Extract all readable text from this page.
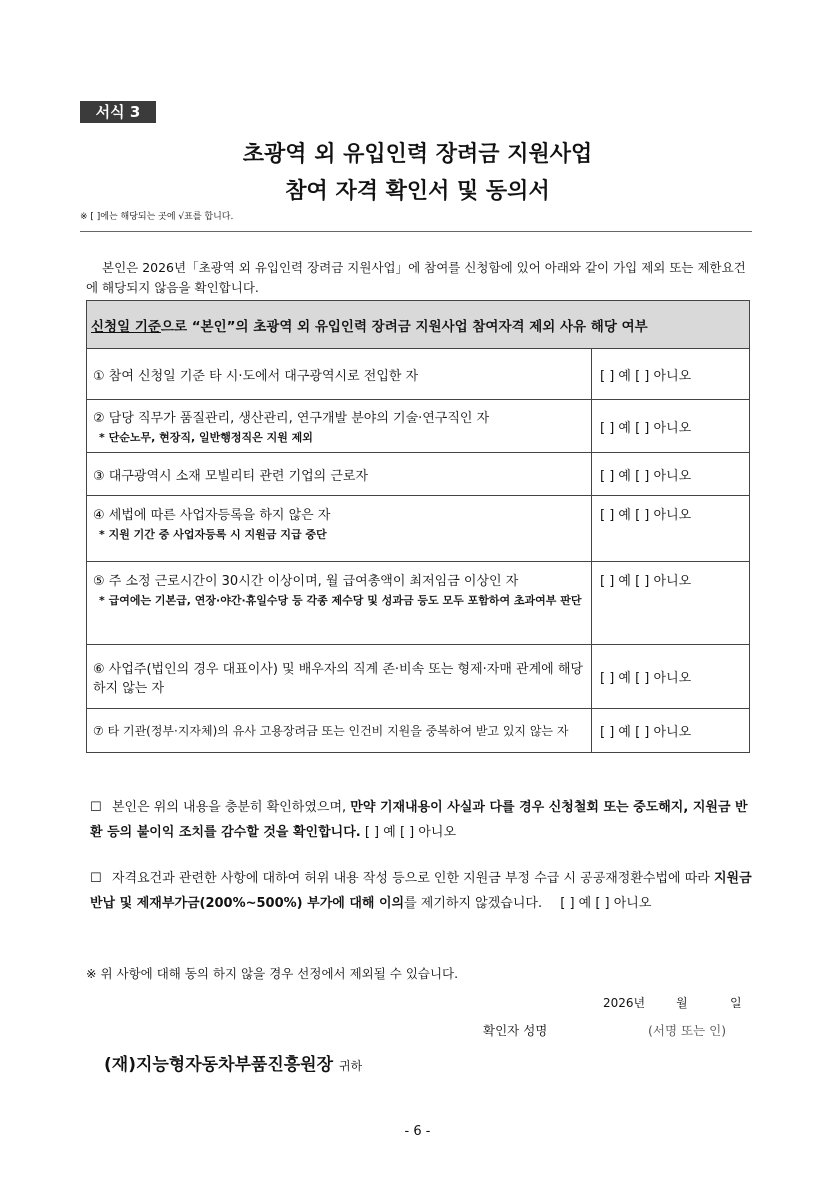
서식 3
초광역 외 유입인력 장려금 지원사업
참여 자격 확인서 및 동의서
※ [ ]에는 해당되는 곳에 √표를 합니다.
본인은 2026년「초광역 외 유입인력 장려금 지원사업」에 참여를 신청함에 있어 아래와 같이 가입 제외 또는 제한요건에 해당되지 않음을 확인합니다.
신청일 기준으로 “본인”의 초광역 외 유입인력 장려금 지원사업 참여자격 제외 사유 해당 여부	
① 참여 신청일 기준 타 시·도에서 대구광역시로 전입한 자	[ ] 예 [ ] 아니오

② 담당 직무가 품질관리, 생산관리, 연구개발 분야의 기술·연구직인 자
* 단순노무, 현장직, 일반행정직은 지원 제외	[ ] 예 [ ] 아니오
③ 대구광역시 소재 모빌리티 관련 기업의 근로자	[ ] 예 [ ] 아니오

④ 세법에 따른 사업자등록을 하지 않은 자
* 지원 기간 중 사업자등록 시 지원금 지급 중단	[ ] 예 [ ] 아니오

⑤ 주 소정 근로시간이 30시간 이상이며, 월 급여총액이 최저임금 이상인 자
* 급여에는 기본급, 연장·야간·휴일수당 등 각종 제수당 및 성과금 등도 모두 포함하여 초과여부 판단	[ ] 예 [ ] 아니오
⑥ 사업주(법인의 경우 대표이사) 및 배우자의 직계 존·비속 또는 형제·자매 관계에 해당하지 않는 자	[ ] 예 [ ] 아니오
⑦ 타 기관(정부·지자체)의 유사 고용장려금 또는 인건비 지원을 중복하여 받고 있지 않는 자	[ ] 예 [ ] 아니오
☐ 본인은 위의 내용을 충분히 확인하였으며, 만약 기재내용이 사실과 다를 경우 신청철회 또는 중도해지, 지원금 반환 등의 불이익 조치를 감수할 것을 확인합니다. [ ] 예 [ ] 아니오
☐ 자격요건과 관련한 사항에 대하여 허위 내용 작성 등으로 인한 지원금 부정 수급 시 공공재정환수법에 따라 지원금 반납 및 제재부가금(200%~500%) 부가에 대해 이의를 제기하지 않겠습니다. [ ] 예 [ ] 아니오
※ 위 사항에 대해 동의 하지 않을 경우 선정에서 제외될 수 있습니다.
2026년	월	일
확인자 성명	(서명 또는 인)
(재)지능형자동차부품진흥원장 귀하
- 6 -
